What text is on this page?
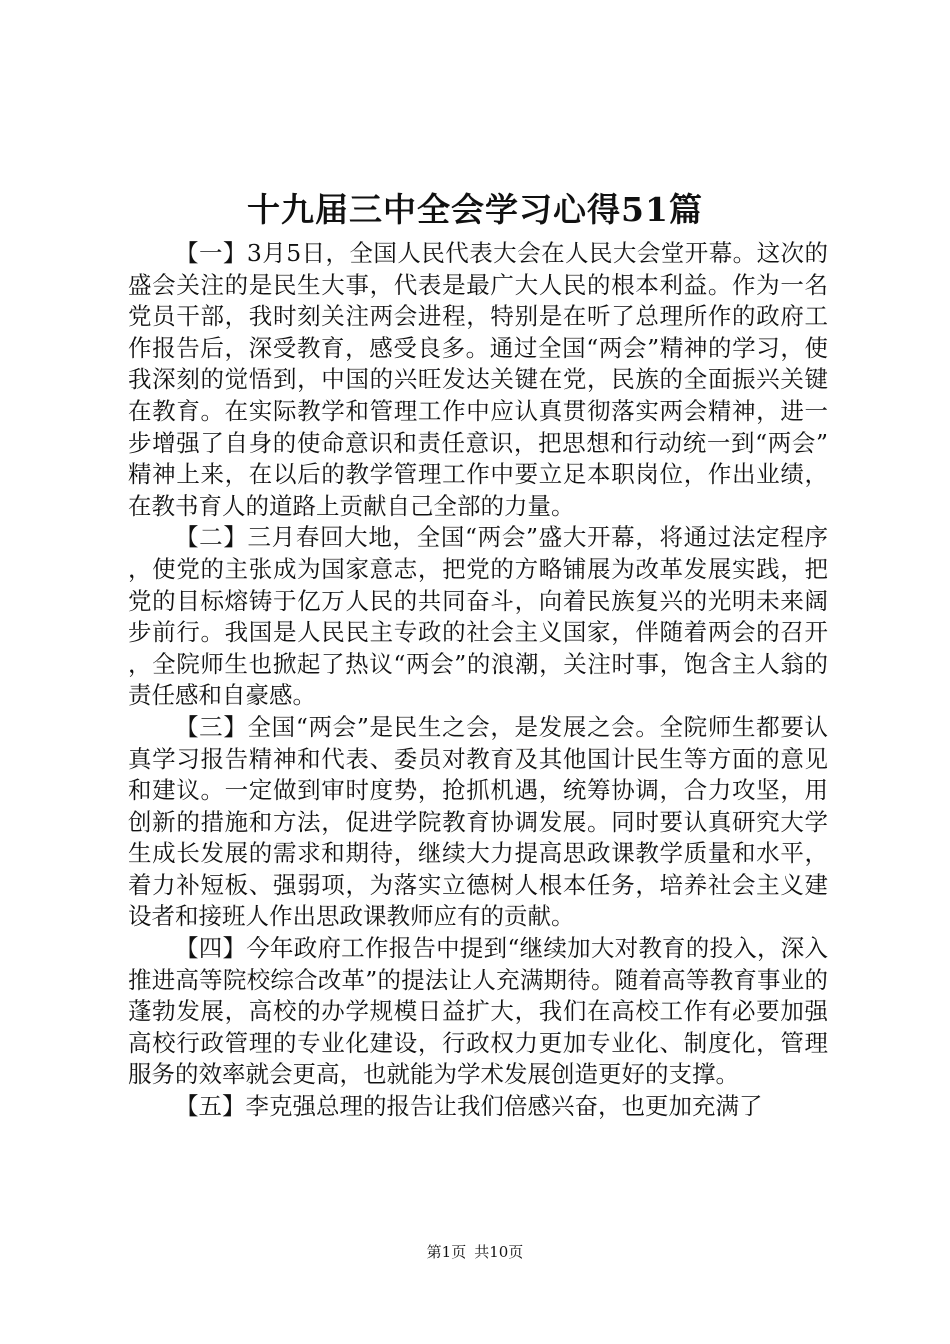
十九届三中全会学习心得51篇

【一】3月5日，全国人民代表大会在人民大会堂开幕。这次的盛会关注的是民生大事，代表是最广大人民的根本利益。作为一名党员干部，我时刻关注两会进程，特别是在听了总理所作的政府工作报告后，深受教育，感受良多。通过全国“两会”精神的学习，使我深刻的觉悟到，中国的兴旺发达关键在党，民族的全面振兴关键在教育。在实际教学和管理工作中应认真贯彻落实两会精神，进一步增强了自身的使命意识和责任意识，把思想和行动统一到“两会”精神上来，在以后的教学管理工作中要立足本职岗位，作出业绩，在教书育人的道路上贡献自己全部的力量。

【二】三月春回大地，全国“两会”盛大开幕，将通过法定程序，使党的主张成为国家意志，把党的方略铺展为改革发展实践，把党的目标熔铸于亿万人民的共同奋斗，向着民族复兴的光明未来阔步前行。我国是人民民主专政的社会主义国家，伴随着两会的召开，全院师生也掀起了热议“两会”的浪潮，关注时事，饱含主人翁的责任感和自豪感。

【三】全国“两会”是民生之会，是发展之会。全院师生都要认真学习报告精神和代表、委员对教育及其他国计民生等方面的意见和建议。一定做到审时度势，抢抓机遇，统筹协调，合力攻坚，用创新的措施和方法，促进学院教育协调发展。同时要认真研究大学生成长发展的需求和期待，继续大力提高思政课教学质量和水平，着力补短板、强弱项，为落实立德树人根本任务，培养社会主义建设者和接班人作出思政课教师应有的贡献。

【四】今年政府工作报告中提到“继续加大对教育的投入，深入推进高等院校综合改革”的提法让人充满期待。随着高等教育事业的蓬勃发展，高校的办学规模日益扩大，我们在高校工作有必要加强高校行政管理的专业化建设，行政权力更加专业化、制度化，管理服务的效率就会更高，也就能为学术发展创造更好的支撑。

【五】李克强总理的报告让我们倍感兴奋，也更加充满了

第1页 共10页
